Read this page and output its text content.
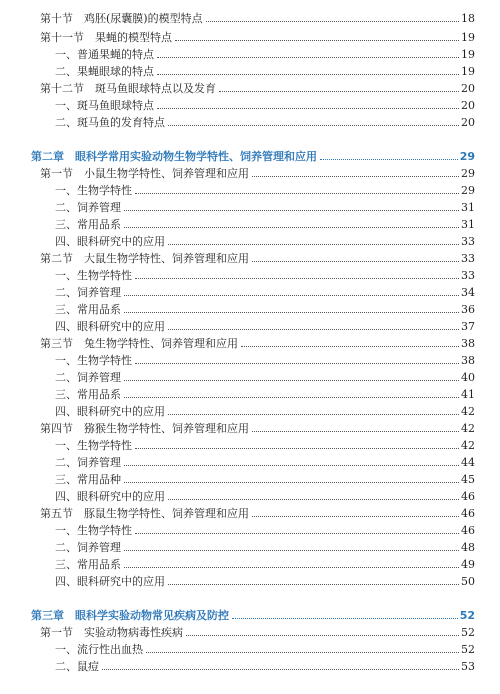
第十节　鸡胚(尿囊膜)的模型特点	18
第十一节　果蝇的模型特点	19
一、普通果蝇的特点	19
二、果蝇眼球的特点	19
第十二节　斑马鱼眼球特点以及发育	20
一、斑马鱼眼球特点	20
二、斑马鱼的发育特点	20
第二章　眼科学常用实验动物生物学特性、饲养管理和应用	29
第一节　小鼠生物学特性、饲养管理和应用	29
一、生物学特性	29
二、饲养管理	31
三、常用品系	31
四、眼科研究中的应用	33
第二节　大鼠生物学特性、饲养管理和应用	33
一、生物学特性	33
二、饲养管理	34
三、常用品系	36
四、眼科研究中的应用	37
第三节　兔生物学特性、饲养管理和应用	38
一、生物学特性	38
二、饲养管理	40
三、常用品系	41
四、眼科研究中的应用	42
第四节　猕猴生物学特性、饲养管理和应用	42
一、生物学特性	42
二、饲养管理	44
三、常用品种	45
四、眼科研究中的应用	46
第五节　豚鼠生物学特性、饲养管理和应用	46
一、生物学特性	46
二、饲养管理	48
三、常用品系	49
四、眼科研究中的应用	50
第三章　眼科学实验动物常见疾病及防控	52
第一节　实验动物病毒性疾病	52
一、流行性出血热	52
二、鼠痘	53
